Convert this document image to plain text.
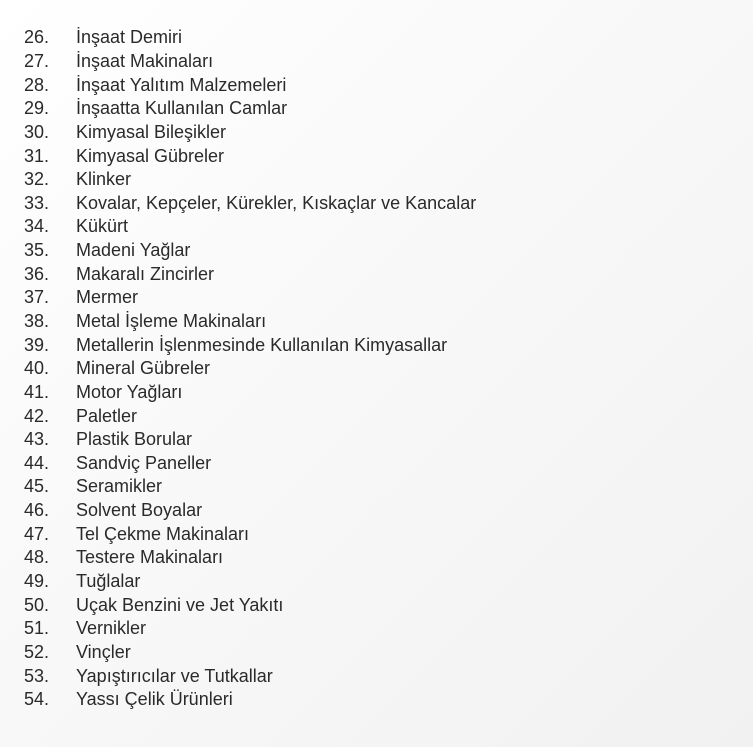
26.	İnşaat Demiri
27.	İnşaat Makinaları
28.	İnşaat Yalıtım Malzemeleri
29.	İnşaatta Kullanılan Camlar
30.	Kimyasal Bileşikler
31.	Kimyasal Gübreler
32.	Klinker
33.	Kovalar, Kepçeler, Kürekler, Kıskaçlar ve Kancalar
34.	Kükürt
35.	Madeni Yağlar
36.	Makaralı Zincirler
37.	Mermer
38.	Metal İşleme Makinaları
39.	Metallerin İşlenmesinde Kullanılan Kimyasallar
40.	Mineral Gübreler
41.	Motor Yağları
42.	Paletler
43.	Plastik Borular
44.	Sandviç Paneller
45.	Seramikler
46.	Solvent Boyalar
47.	Tel Çekme Makinaları
48.	Testere Makinaları
49.	Tuğlalar
50.	Uçak Benzini ve Jet Yakıtı
51.	Vernikler
52.	Vinçler
53.	Yapıştırıcılar ve Tutkallar
54.	Yassı Çelik Ürünleri
